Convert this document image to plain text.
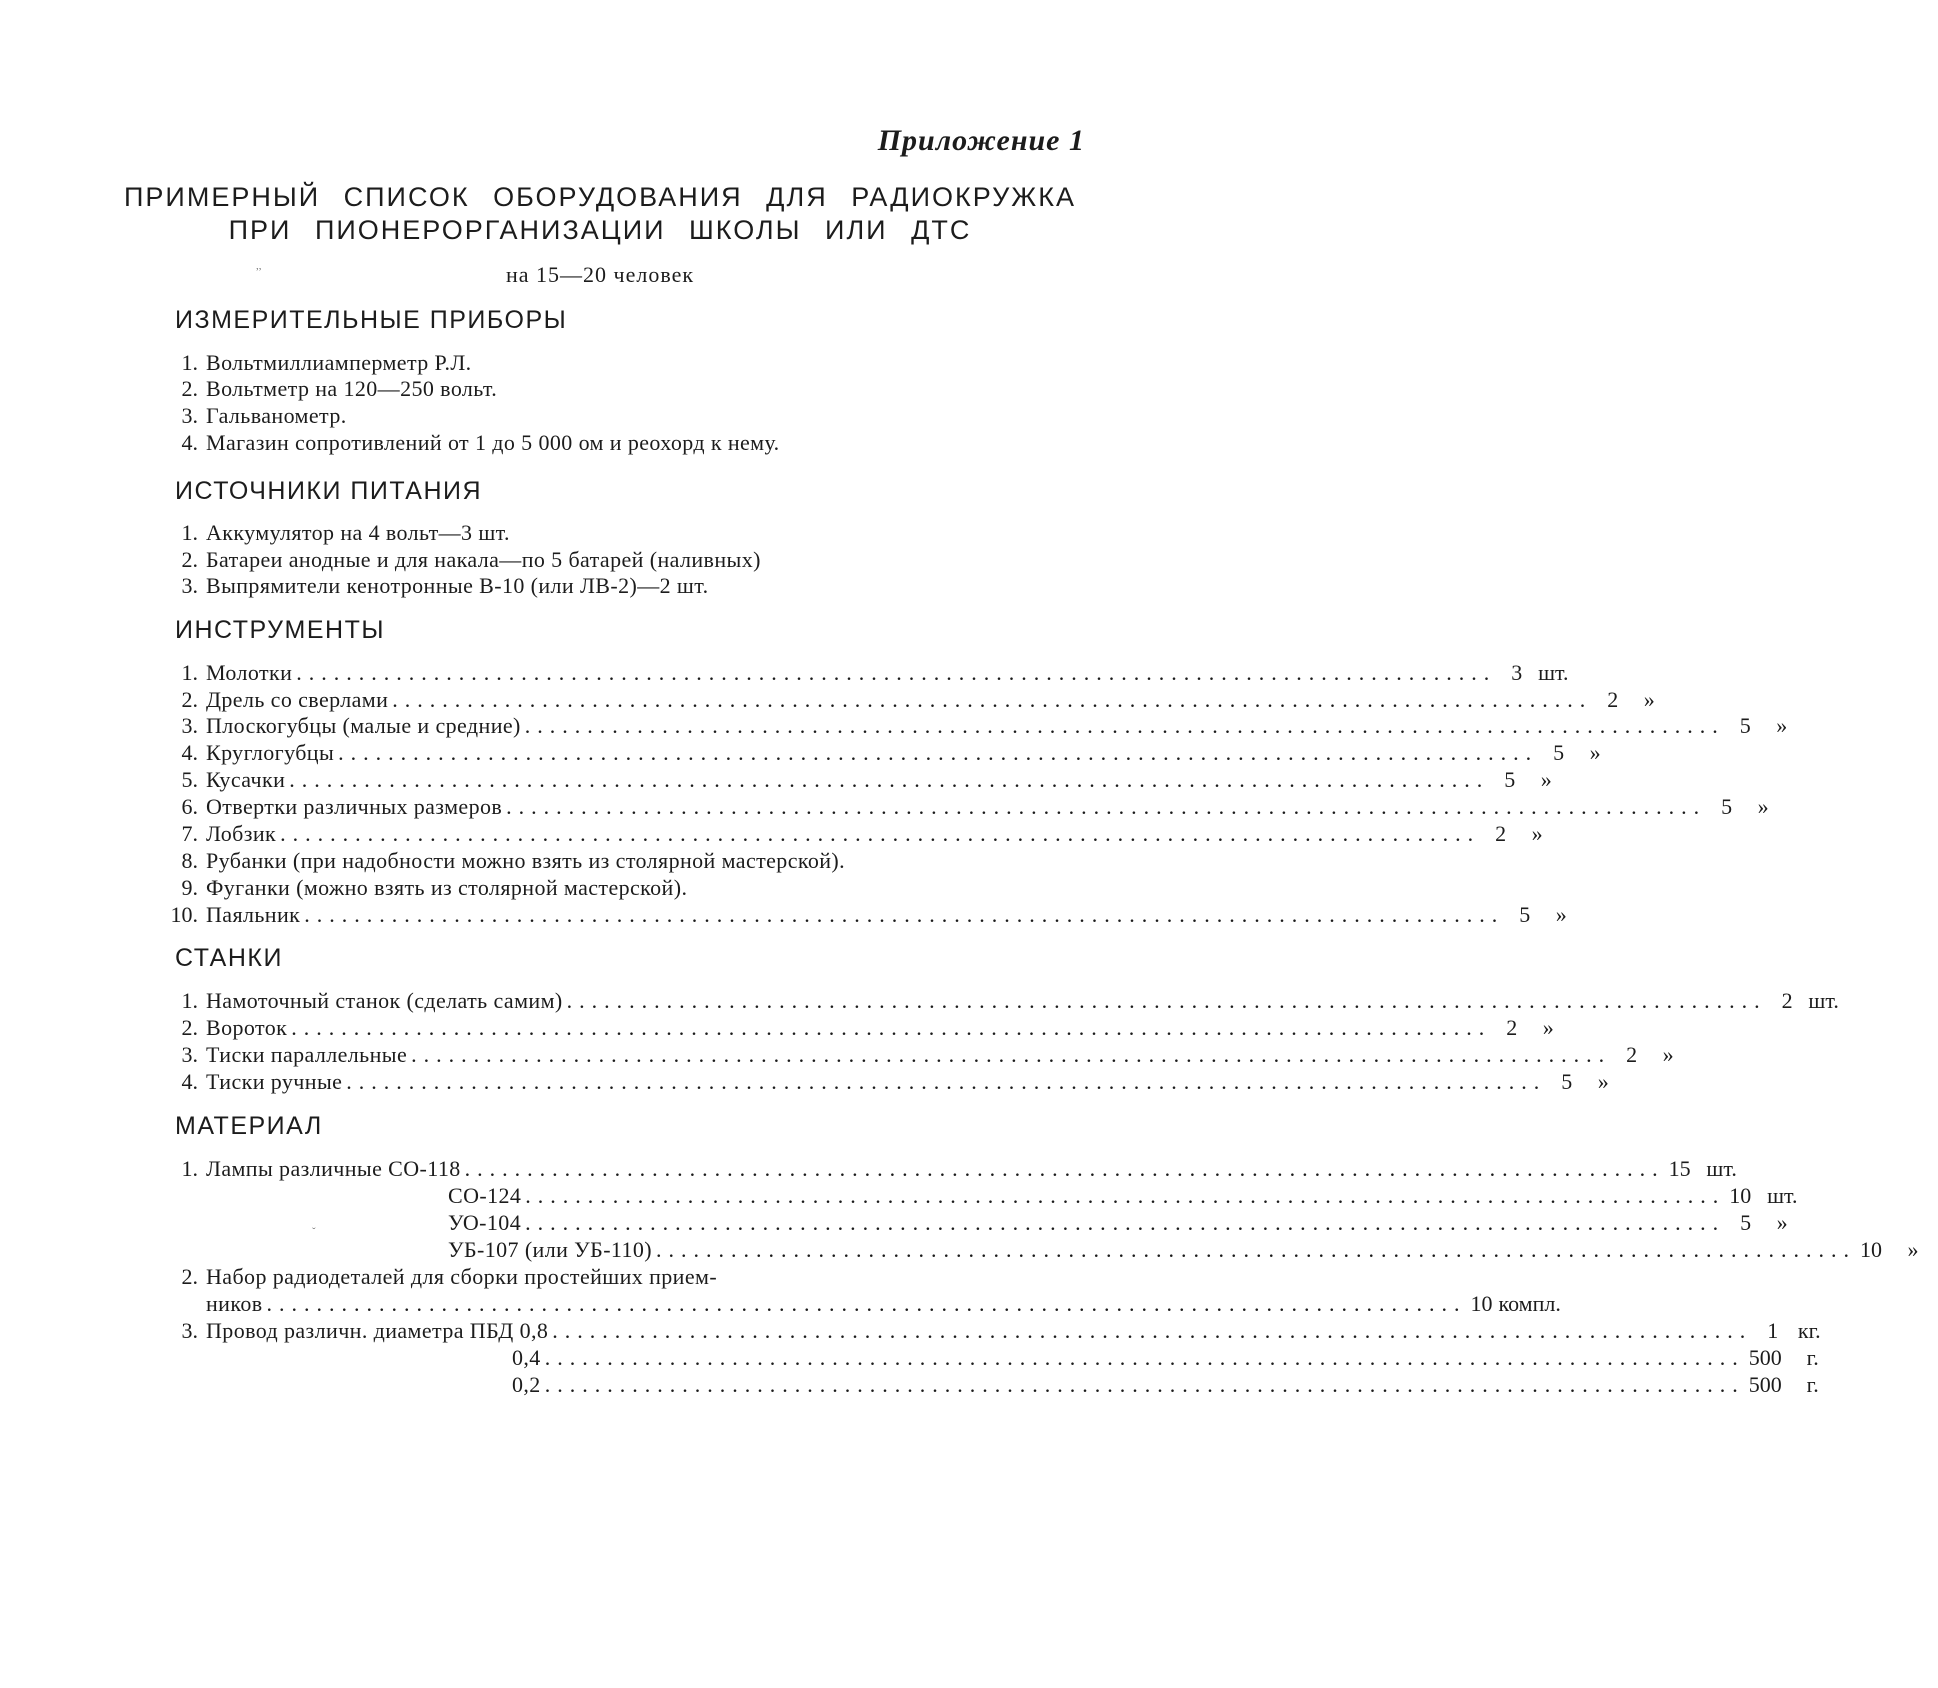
Приложение 1
ПРИМЕРНЫЙ СПИСОК ОБОРУДОВАНИЯ ДЛЯ РАДИОКРУЖКА
ПРИ ПИОНЕРОРГАНИЗАЦИИ ШКОЛЫ ИЛИ ДТС
,,	на 15—20 человек
ИЗМЕРИТЕЛЬНЫЕ ПРИБОРЫ
1. Вольтмиллиамперметр Р.Л.
2. Вольтметр на 120—250 вольт.
3. Гальванометр.
4. Магазин сопротивлений от 1 до 5 000 ом и реохорд к нему.
ИСТОЧНИКИ ПИТАНИЯ
1. Аккумулятор на 4 вольт—3 шт.
2. Батареи анодные и для накала—по 5 батарей (наливных)
3. Выпрямители кенотронные В-10 (или ЛВ-2)—2 шт.
ИНСТРУМЕНТЫ
1. Молотки ................................................................................................ 3 шт.
2. Дрель со сверлами ................................................................................................ 2	»
3. Плоскогубцы (малые и средние) ................................................................................................ 5	»
4. Круглогубцы ................................................................................................ 5	»
5. Кусачки ................................................................................................ 5	»
6. Отвертки различных размеров ................................................................................................ 5	»
7. Лобзик ................................................................................................ 2	»
8. Рубанки (при надобности можно взять из столярной мастерской).
9. Фуганки (можно взять из столярной мастерской).
10. Паяльник ................................................................................................ 5	»
СТАНКИ
1. Намоточный станок (сделать самим) ................................................................................................ 2 шт.
2. Вороток ................................................................................................ 2	»
3. Тиски параллельные ................................................................................................ 2	»
4. Тиски ручные ................................................................................................ 5	»
МАТЕРИАЛ
1. Лампы различные СО-118 ................................................................................................ 15 шт.
СО-124 ................................................................................................ 10 шт.
УО-104 ................................................................................................ 5	»
ˇ
УБ-107 (или УБ-110) ................................................................................................ 10	»
2. Набор радиодеталей для сборки простейших прием-
ников ................................................................................................ 10 компл.
3. Провод различн. диаметра ПБД 0,8 ................................................................................................ 1 кг.
0,4 ................................................................................................ 500	г.
0,2 ................................................................................................ 500	г.
